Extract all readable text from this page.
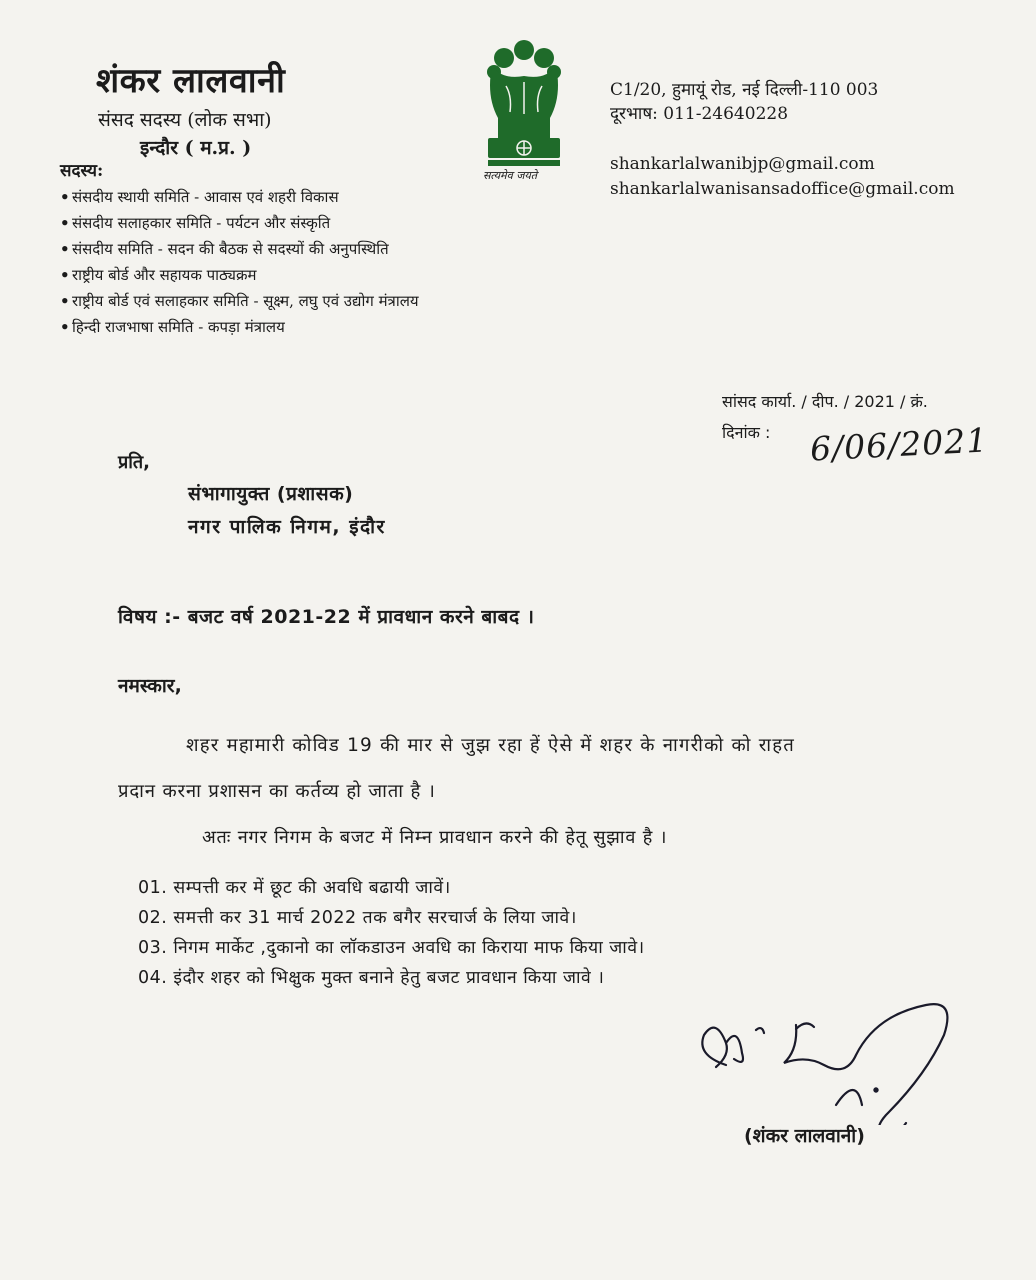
शंकर लालवानी
संसद सदस्य (लोक सभा)
इन्दौर ( म.प्र. )
सदस्य:
• संसदीय स्थायी समिति - आवास एवं शहरी विकास
• संसदीय सलाहकार समिति - पर्यटन और संस्कृति
• संसदीय समिति - सदन की बैठक से सदस्यों की अनुपस्थिति
• राष्ट्रीय बोर्ड और सहायक पाठ्यक्रम
• राष्ट्रीय बोर्ड एवं सलाहकार समिति - सूक्ष्म, लघु एवं उद्योग मंत्रालय
• हिन्दी राजभाषा समिति - कपड़ा मंत्रालय
सत्यमेव जयते
C1/20, हुमायूं रोड, नई दिल्ली-110 003
दूरभाष: 011-24640228
shankarlalwanibjp@gmail.com
shankarlalwanisansadoffice@gmail.com
सांसद कार्या. / दीप. / 2021 / क्रं.
दिनांक : 6/06/2021
प्रति,
संभागायुक्त (प्रशासक)
नगर पालिक निगम, इंदौर
विषय :- बजट वर्ष 2021-22 में प्रावधान करने बाबद ।
नमस्कार,
शहर महामारी कोविड 19 की मार से जुझ रहा हें ऐसे में शहर के नागरीको को राहत
प्रदान करना प्रशासन का कर्तव्य हो जाता है ।
अतः नगर निगम के बजट में निम्न प्रावधान करने की हेतू सुझाव है ।
01. सम्पत्ती कर में छूट की अवधि बढायी जावें।
02. समत्ती कर 31 मार्च 2022 तक बगैर सरचार्ज के लिया जावे।
03. निगम मार्केट ,दुकानो का लॉकडाउन अवधि का किराया माफ किया जावे।
04. इंदौर शहर को भिक्षुक मुक्त बनाने हेतु बजट प्रावधान किया जावे ।
(शंकर लालवानी)
